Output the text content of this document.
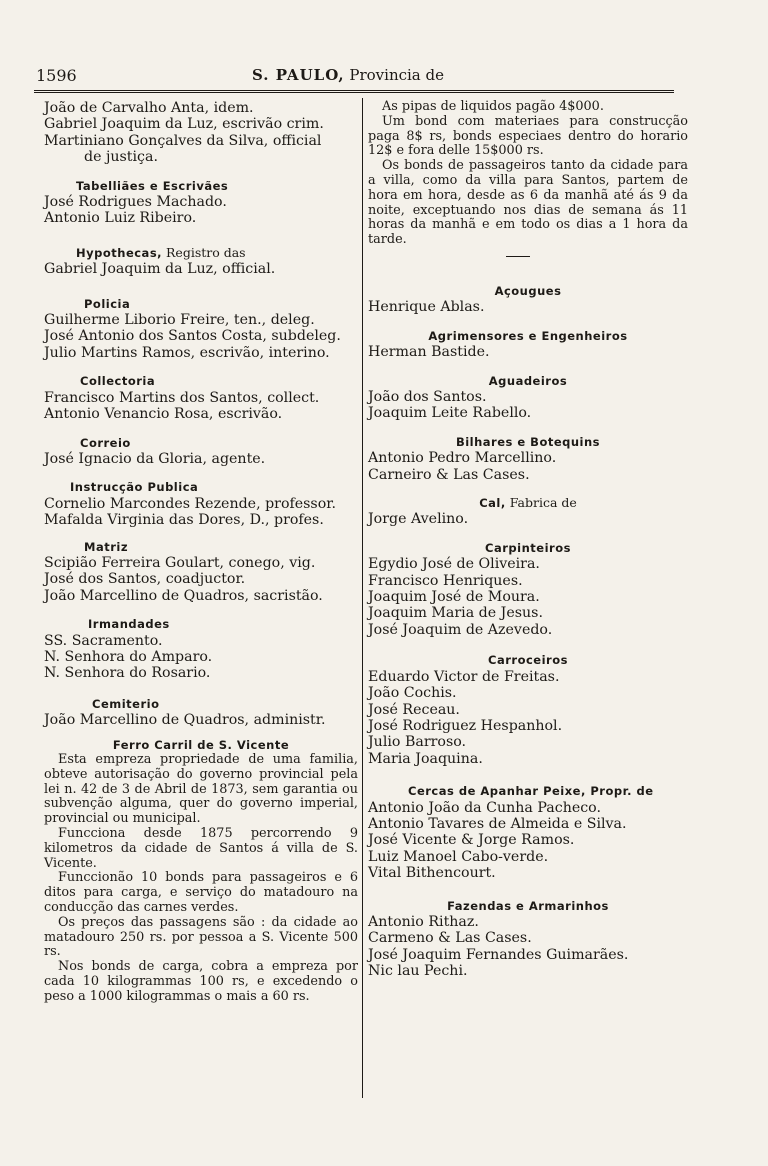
1596	S. PAULO, Provincia de
João de Carvalho Anta, idem.
Gabriel Joaquim da Luz, escrivão crim.
Martiniano Gonçalves da Silva, official
de justiça.
Tabelliães e Escrivães
José Rodrigues Machado.
Antonio Luiz Ribeiro.
Hypothecas, Registro das
Gabriel Joaquim da Luz, official.
Policia
Guilherme Liborio Freire, ten., deleg.
José Antonio dos Santos Costa, subdeleg.
Julio Martins Ramos, escrivão, interino.
Collectoria
Francisco Martins dos Santos, collect.
Antonio Venancio Rosa, escrivão.
Correio
José Ignacio da Gloria, agente.
Instrucção Publica
Cornelio Marcondes Rezende, professor.
Mafalda Virginia das Dores, D., profes.
Matriz
Scipião Ferreira Goulart, conego, vig.
José dos Santos, coadjuctor.
João Marcellino de Quadros, sacristão.
Irmandades
SS. Sacramento.
N. Senhora do Amparo.
N. Senhora do Rosario.
Cemiterio
João Marcellino de Quadros, administr.
Ferro Carril de S. Vicente
Esta empreza propriedade de uma familia, obteve autorisação do governo provincial pela lei n. 42 de 3 de Abril de 1873, sem garantia ou subvenção alguma, quer do governo imperial, provincial ou municipal.
Funcciona desde 1875 percorrendo 9 kilometros da cidade de Santos á villa de S. Vicente.
Funccionão 10 bonds para passageiros e 6 ditos para carga, e serviço do matadouro na conducção das carnes verdes.
Os preços das passagens são : da cidade ao matadouro 250 rs. por pessoa a S. Vicente 500 rs.
Nos bonds de carga, cobra a empreza por cada 10 kilogrammas 100 rs, e excedendo o peso a 1000 kilogrammas o mais a 60 rs.
As pipas de liquidos pagão 4$000.
Um bond com materiaes para construcção paga 8$ rs, bonds especiaes dentro do horario 12$ e fora delle 15$000 rs.
Os bonds de passageiros tanto da cidade para a villa, como da villa para Santos, partem de hora em hora, desde as 6 da manhã até ás 9 da noite, exceptuando nos dias de semana ás 11 horas da manhã e em todo os dias a 1 hora da tarde.
Açougues
Henrique Ablas.
Agrimensores e Engenheiros
Herman Bastide.
Aguadeiros
João dos Santos.
Joaquim Leite Rabello.
Bilhares e Botequins
Antonio Pedro Marcellino.
Carneiro & Las Cases.
Cal, Fabrica de
Jorge Avelino.
Carpinteiros
Egydio José de Oliveira.
Francisco Henriques.
Joaquim José de Moura.
Joaquim Maria de Jesus.
José Joaquim de Azevedo.
Carroceiros
Eduardo Victor de Freitas.
João Cochis.
José Receau.
José Rodriguez Hespanhol.
Julio Barroso.
Maria Joaquina.
Cercas de Apanhar Peixe, Propr. de
Antonio João da Cunha Pacheco.
Antonio Tavares de Almeida e Silva.
José Vicente & Jorge Ramos.
Luiz Manoel Cabo-verde.
Vital Bithencourt.
Fazendas e Armarinhos
Antonio Rithaz.
Carmeno & Las Cases.
José Joaquim Fernandes Guimarães.
Nic lau Pechi.
